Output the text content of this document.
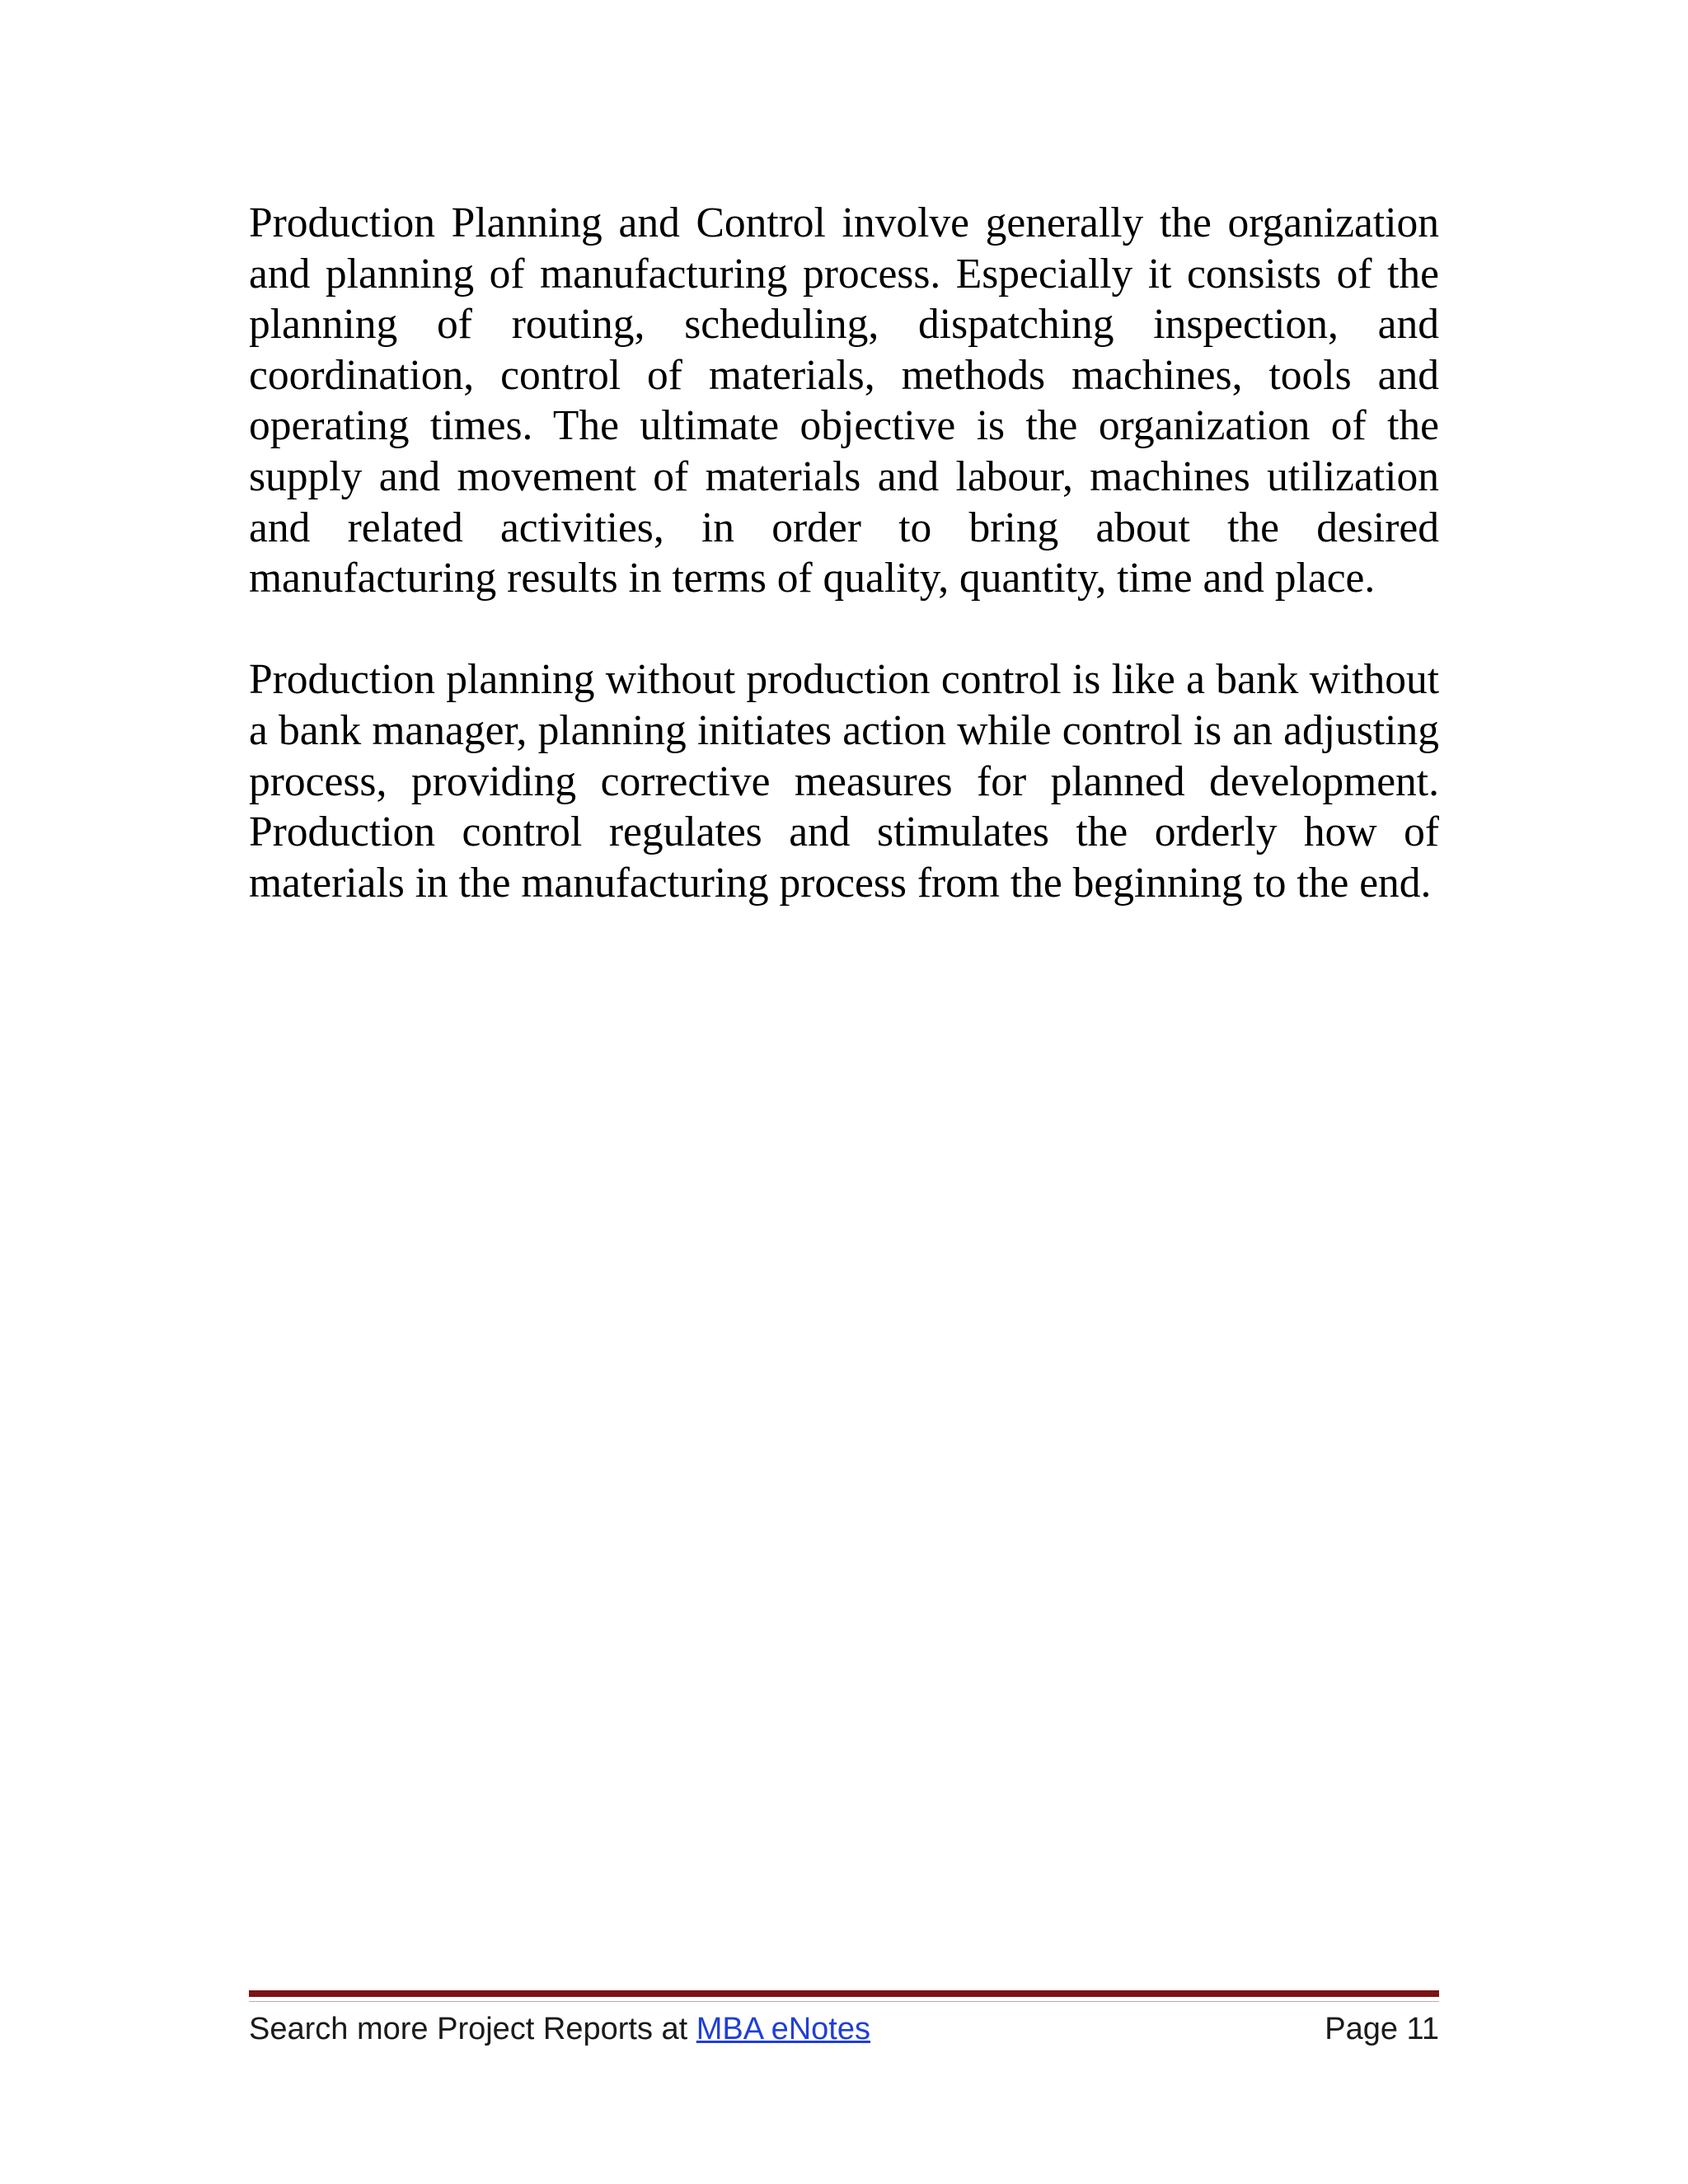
Production Planning and Control involve generally the organization and planning of manufacturing process. Especially it consists of the planning of routing, scheduling, dispatching inspection, and coordination, control of materials, methods machines, tools and operating times. The ultimate objective is the organization of the supply and movement of materials and labour, machines utilization and related activities, in order to bring about the desired manufacturing results in terms of quality, quantity, time and place.

Production planning without production control is like a bank without a bank manager, planning initiates action while control is an adjusting process, providing corrective measures for planned development. Production control regulates and stimulates the orderly how of materials in the manufacturing process from the beginning to the end.

Search more Project Reports at MBA eNotes	Page 11
